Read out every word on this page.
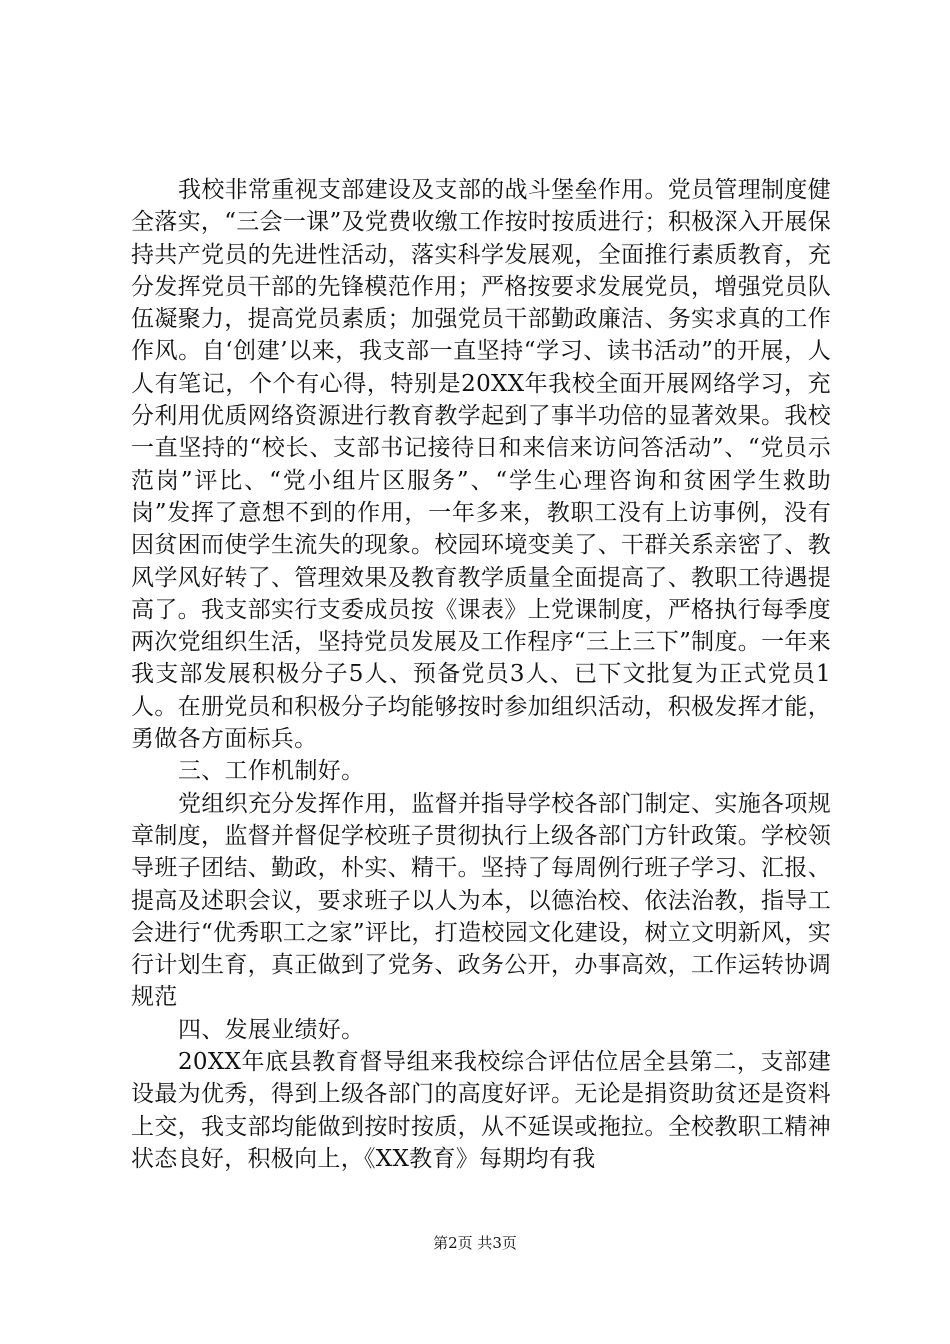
我校非常重视支部建设及支部的战斗堡垒作用。党员管理制度健全落实，“三会一课”及党费收缴工作按时按质进行；积极深入开展保持共产党员的先进性活动，落实科学发展观，全面推行素质教育，充分发挥党员干部的先锋模范作用；严格按要求发展党员，增强党员队伍凝聚力，提高党员素质；加强党员干部勤政廉洁、务实求真的工作作风。自‘创建’以来，我支部一直坚持“学习、读书活动”的开展，人人有笔记，个个有心得，特别是20XX年我校全面开展网络学习，充分利用优质网络资源进行教育教学起到了事半功倍的显著效果。我校一直坚持的“校长、支部书记接待日和来信来访问答活动”、“党员示范岗”评比、“党小组片区服务”、“学生心理咨询和贫困学生救助岗”发挥了意想不到的作用，一年多来，教职工没有上访事例，没有因贫困而使学生流失的现象。校园环境变美了、干群关系亲密了、教风学风好转了、管理效果及教育教学质量全面提高了、教职工待遇提高了。我支部实行支委成员按《课表》上党课制度，严格执行每季度两次党组织生活，坚持党员发展及工作程序“三上三下”制度。一年来我支部发展积极分子5人、预备党员3人、已下文批复为正式党员1人。在册党员和积极分子均能够按时参加组织活动，积极发挥才能，勇做各方面标兵。

三、工作机制好。

党组织充分发挥作用，监督并指导学校各部门制定、实施各项规章制度，监督并督促学校班子贯彻执行上级各部门方针政策。学校领导班子团结、勤政，朴实、精干。坚持了每周例行班子学习、汇报、提高及述职会议，要求班子以人为本，以德治校、依法治教，指导工会进行“优秀职工之家”评比，打造校园文化建设，树立文明新风，实行计划生育，真正做到了党务、政务公开，办事高效，工作运转协调规范

四、发展业绩好。

20XX年底县教育督导组来我校综合评估位居全县第二，支部建设最为优秀，得到上级各部门的高度好评。无论是捐资助贫还是资料上交，我支部均能做到按时按质，从不延误或拖拉。全校教职工精神状态良好，积极向上，《XX教育》每期均有我

第2页 共3页
